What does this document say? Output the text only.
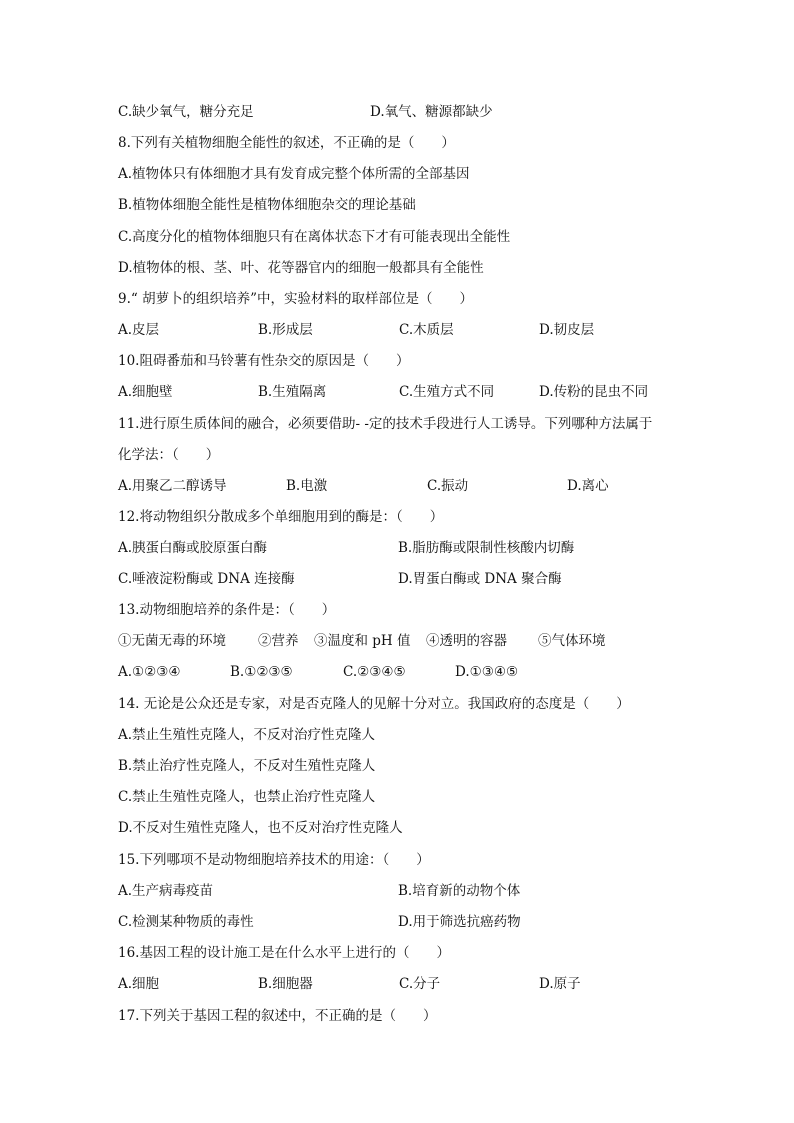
C.缺少氧气，糖分充足	D.氧气、糖源都缺少
8.下列有关植物细胞全能性的叙述，不正确的是（　　）
A.植物体只有体细胞才具有发育成完整个体所需的全部基因
B.植物体细胞全能性是植物体细胞杂交的理论基础
C.高度分化的植物体细胞只有在离体状态下才有可能表现出全能性
D.植物体的根、茎、叶、花等器官内的细胞一般都具有全能性
9.“ 胡萝卜的组织培养”中，实验材料的取样部位是（　　）
A.皮层	B.形成层	C.木质层	D.韧皮层
10.阻碍番茄和马铃薯有性杂交的原因是（　　）
A.细胞壁	B.生殖隔离	C.生殖方式不同	D.传粉的昆虫不同
11.进行原生质体间的融合，必须要借助- -定的技术手段进行人工诱导。下列哪种方法属于
化学法：（　　）
A.用聚乙二醇诱导	B.电激	C.振动	D.离心
12.将动物组织分散成多个单细胞用到的酶是：（　　）
A.胰蛋白酶或胶原蛋白酶	B.脂肪酶或限制性核酸内切酶
C.唾液淀粉酶或 DNA 连接酶	D.胃蛋白酶或 DNA 聚合酶
13.动物细胞培养的条件是：（　　）
①无菌无毒的环境 ②营养 ③温度和 pH 值 ④透明的容器 ⑤气体环境
A.①②③④	B.①②③⑤	C.②③④⑤	D.①③④⑤
14. 无论是公众还是专家，对是否克隆人的见解十分对立。我国政府的态度是（　　）
A.禁止生殖性克隆人，不反对治疗性克隆人
B.禁止治疗性克隆人，不反对生殖性克隆人
C.禁止生殖性克隆人，也禁止治疗性克隆人
D.不反对生殖性克隆人，也不反对治疗性克隆人
15.下列哪项不是动物细胞培养技术的用途：（　　）
A.生产病毒疫苗	B.培育新的动物个体
C.检测某种物质的毒性	D.用于筛选抗癌药物
16.基因工程的设计施工是在什么水平上进行的（　　）
A.细胞	B.细胞器	C.分子	D.原子
17.下列关于基因工程的叙述中，不正确的是（　　）
